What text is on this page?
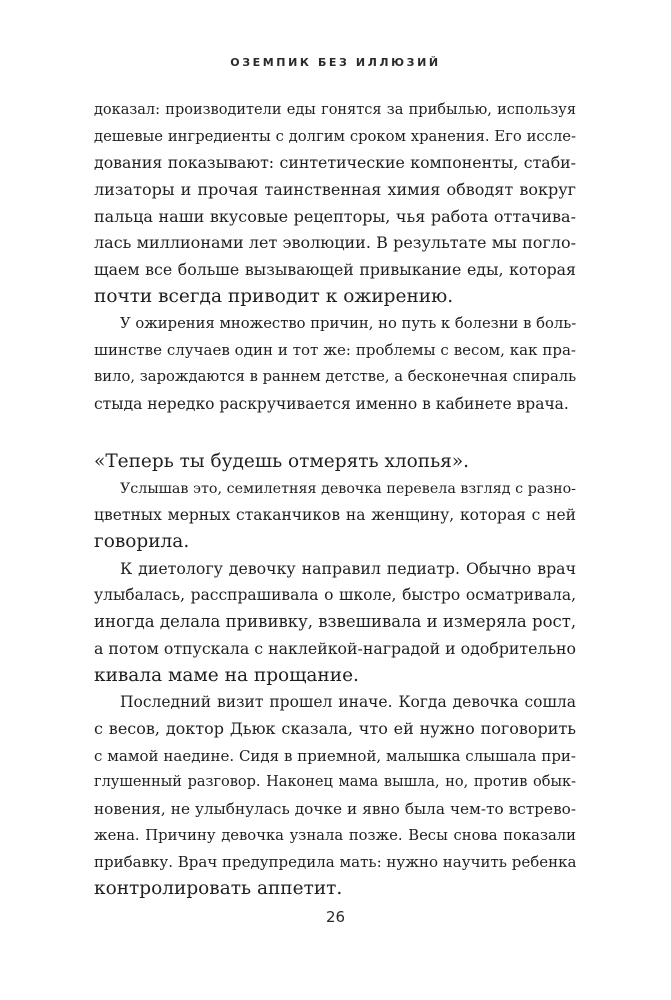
ОЗЕМПИК БЕЗ ИЛЛЮЗИЙ
доказал: производители еды гонятся за прибылью, используя
дешевые ингредиенты с долгим сроком хранения. Его иссле-
дования показывают: синтетические компоненты, стаби-
лизаторы и прочая таинственная химия обводят вокруг
пальца наши вкусовые рецепторы, чья работа оттачива-
лась миллионами лет эволюции. В результате мы поглo-
щаем все больше вызывающей привыкание еды, которая
почти всегда приводит к ожирению.
У ожирения множество причин, но путь к болезни в боль-
шинстве случаев один и тот же: проблемы с весом, как пра-
вило, зарождаются в раннем детстве, а бесконечная спираль
стыда нередко раскручивается именно в кабинете врача.
«Теперь ты будешь отмерять хлопья».
Услышав это, семилетняя девочка перевела взгляд с разно-
цветных мерных стаканчиков на женщину, которая с ней
говорила.
К диетологу девочку направил педиатр. Обычно врач
улыбалась, расспрашивала о школе, быстро осматривала,
иногда делала прививку, взвешивала и измеряла рост,
а потом отпускала с наклейкой-наградой и одобрительно
кивала маме на прощание.
Последний визит прошел иначе. Когда девочка сошла
с весов, доктор Дьюк сказала, что ей нужно поговорить
с мамой наедине. Сидя в приемной, малышка слышала при-
глушенный разговор. Наконец мама вышла, но, против обык-
новения, не улыбнулась дочке и явно была чем-то встрево-
жена. Причину девочка узнала позже. Весы снова показали
прибавку. Врач предупредила мать: нужно научить ребенка
контролировать аппетит.
26
